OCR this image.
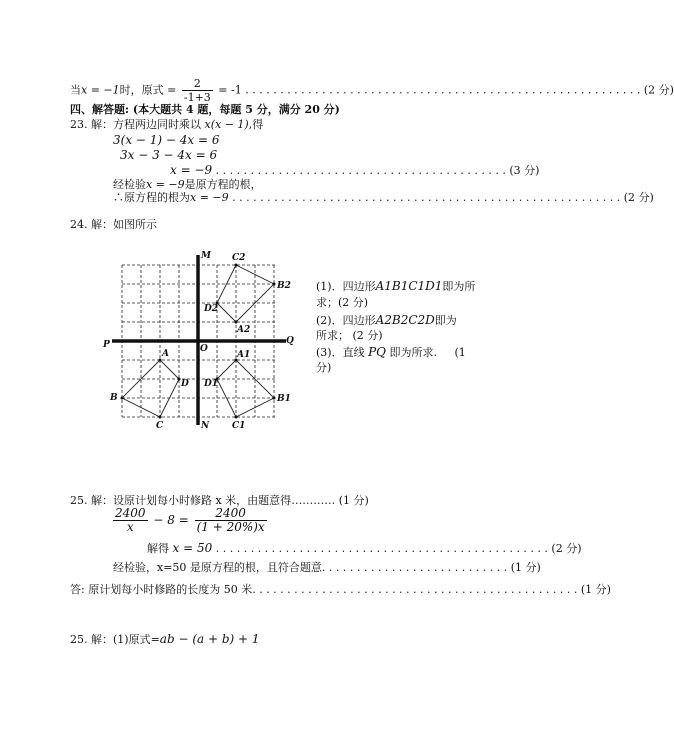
当x = −1时，原式 = $\frac{2}{-1+3} = -1$ . . . . . . . . . . . . . . . . . . . . . . . . . . . . . . . . . . . . . . . . . . . . . . . . . . . . . . . . . (2 分)
四、解答题: (本大题共 4 题，每题 5 分，满分 20 分)
23. 解：方程两边同时乘以 x(x − 1),得
3(x − 1) − 4x = 6
3x − 3 − 4x = 6
x = −9 . . . . . . . . . . . . . . . . . . . . . . . . . . . . . . . . . . . . . . . . . . (3 分)
经检验x = −9是原方程的根，
∴原方程的根为x = −9 . . . . . . . . . . . . . . . . . . . . . . . . . . . . . . . . . . . . . . . . . . . . . . . . . . . . . . . . (2 分)
24. 解：如图所示
M
N
P	Q
O
A
B
C
D
A1
B1
C1
D1
A2
B2
C2
D2
(1)．四边形A1B1C1D1即为所
求；(2 分)
(2)．四边形A2B2C2D即为
所求； (2 分)
(3)．直线 PQ 即为所求. (1
分)
25. 解：设原计划每小时修路 x 米，由题意得………… (1 分)
$\frac{2400}{x} - 8 = \frac{2400}{(1 + 20\%)x}$
解得 x = 50 . . . . . . . . . . . . . . . . . . . . . . . . . . . . . . . . . . . . . . . . . . . . . . . . (2 分)
经检验，x=50 是原方程的根，且符合题意. . . . . . . . . . . . . . . . . . . . . . . . . . . (1 分)
答: 原计划每小时修路的长度为 50 米. . . . . . . . . . . . . . . . . . . . . . . . . . . . . . . . . . . . . . . . . . . . . . . (1 分)
25. 解：(1)原式=ab − (a + b) + 1
